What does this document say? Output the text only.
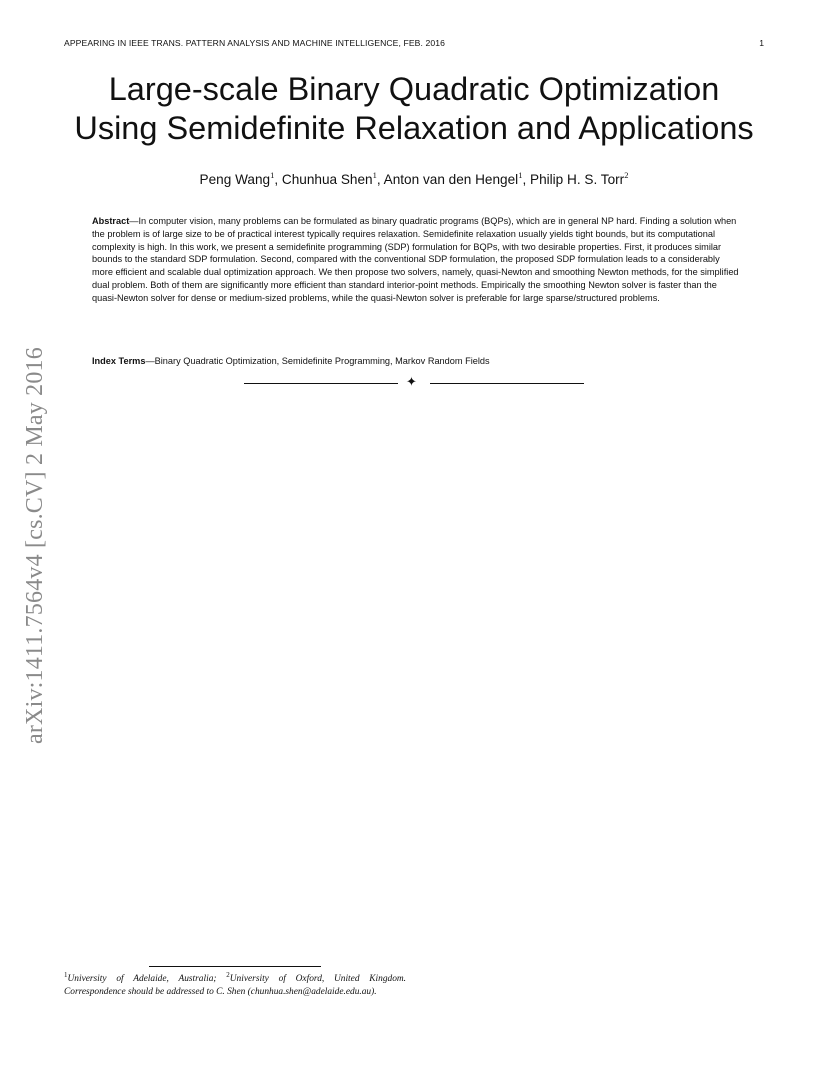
APPEARING IN IEEE TRANS. PATTERN ANALYSIS AND MACHINE INTELLIGENCE, FEB. 2016	1
Large-scale Binary Quadratic Optimization
Using Semidefinite Relaxation and Applications
Peng Wang$^1$, Chunhua Shen$^1$, Anton van den Hengel$^1$, Philip H. S. Torr$^2$

Abstract—In computer vision, many problems can be formulated as binary quadratic programs (BQPs), which are in general NP hard. Finding a solution when the problem is of large size to be of practical interest typically requires relaxation. Semidefinite relaxation usually yields tight bounds, but its computational complexity is high. In this work, we present a semidefinite programming (SDP) formulation for BQPs, with two desirable properties. First, it produces similar bounds to the standard SDP formulation. Second, compared with the conventional SDP formulation, the proposed SDP formulation leads to a considerably more efficient and scalable dual optimization approach. We then propose two solvers, namely, quasi-Newton and smoothing Newton methods, for the simplified dual problem. Both of them are significantly more efficient than standard interior-point methods. Empirically the smoothing Newton solver is faster than the quasi-Newton solver for dense or medium-sized problems, while the quasi-Newton solver is preferable for large sparse/structured problems.

Index Terms—Binary Quadratic Optimization, Semidefinite Programming, Markov Random Fields
✦
arXiv:1411.7564v4 [cs.CV] 2 May 2016

$^1$University of Adelaide, Australia; $^2$University of Oxford, United Kingdom. Correspondence should be addressed to C. Shen (chunhua.shen@adelaide.edu.au).
